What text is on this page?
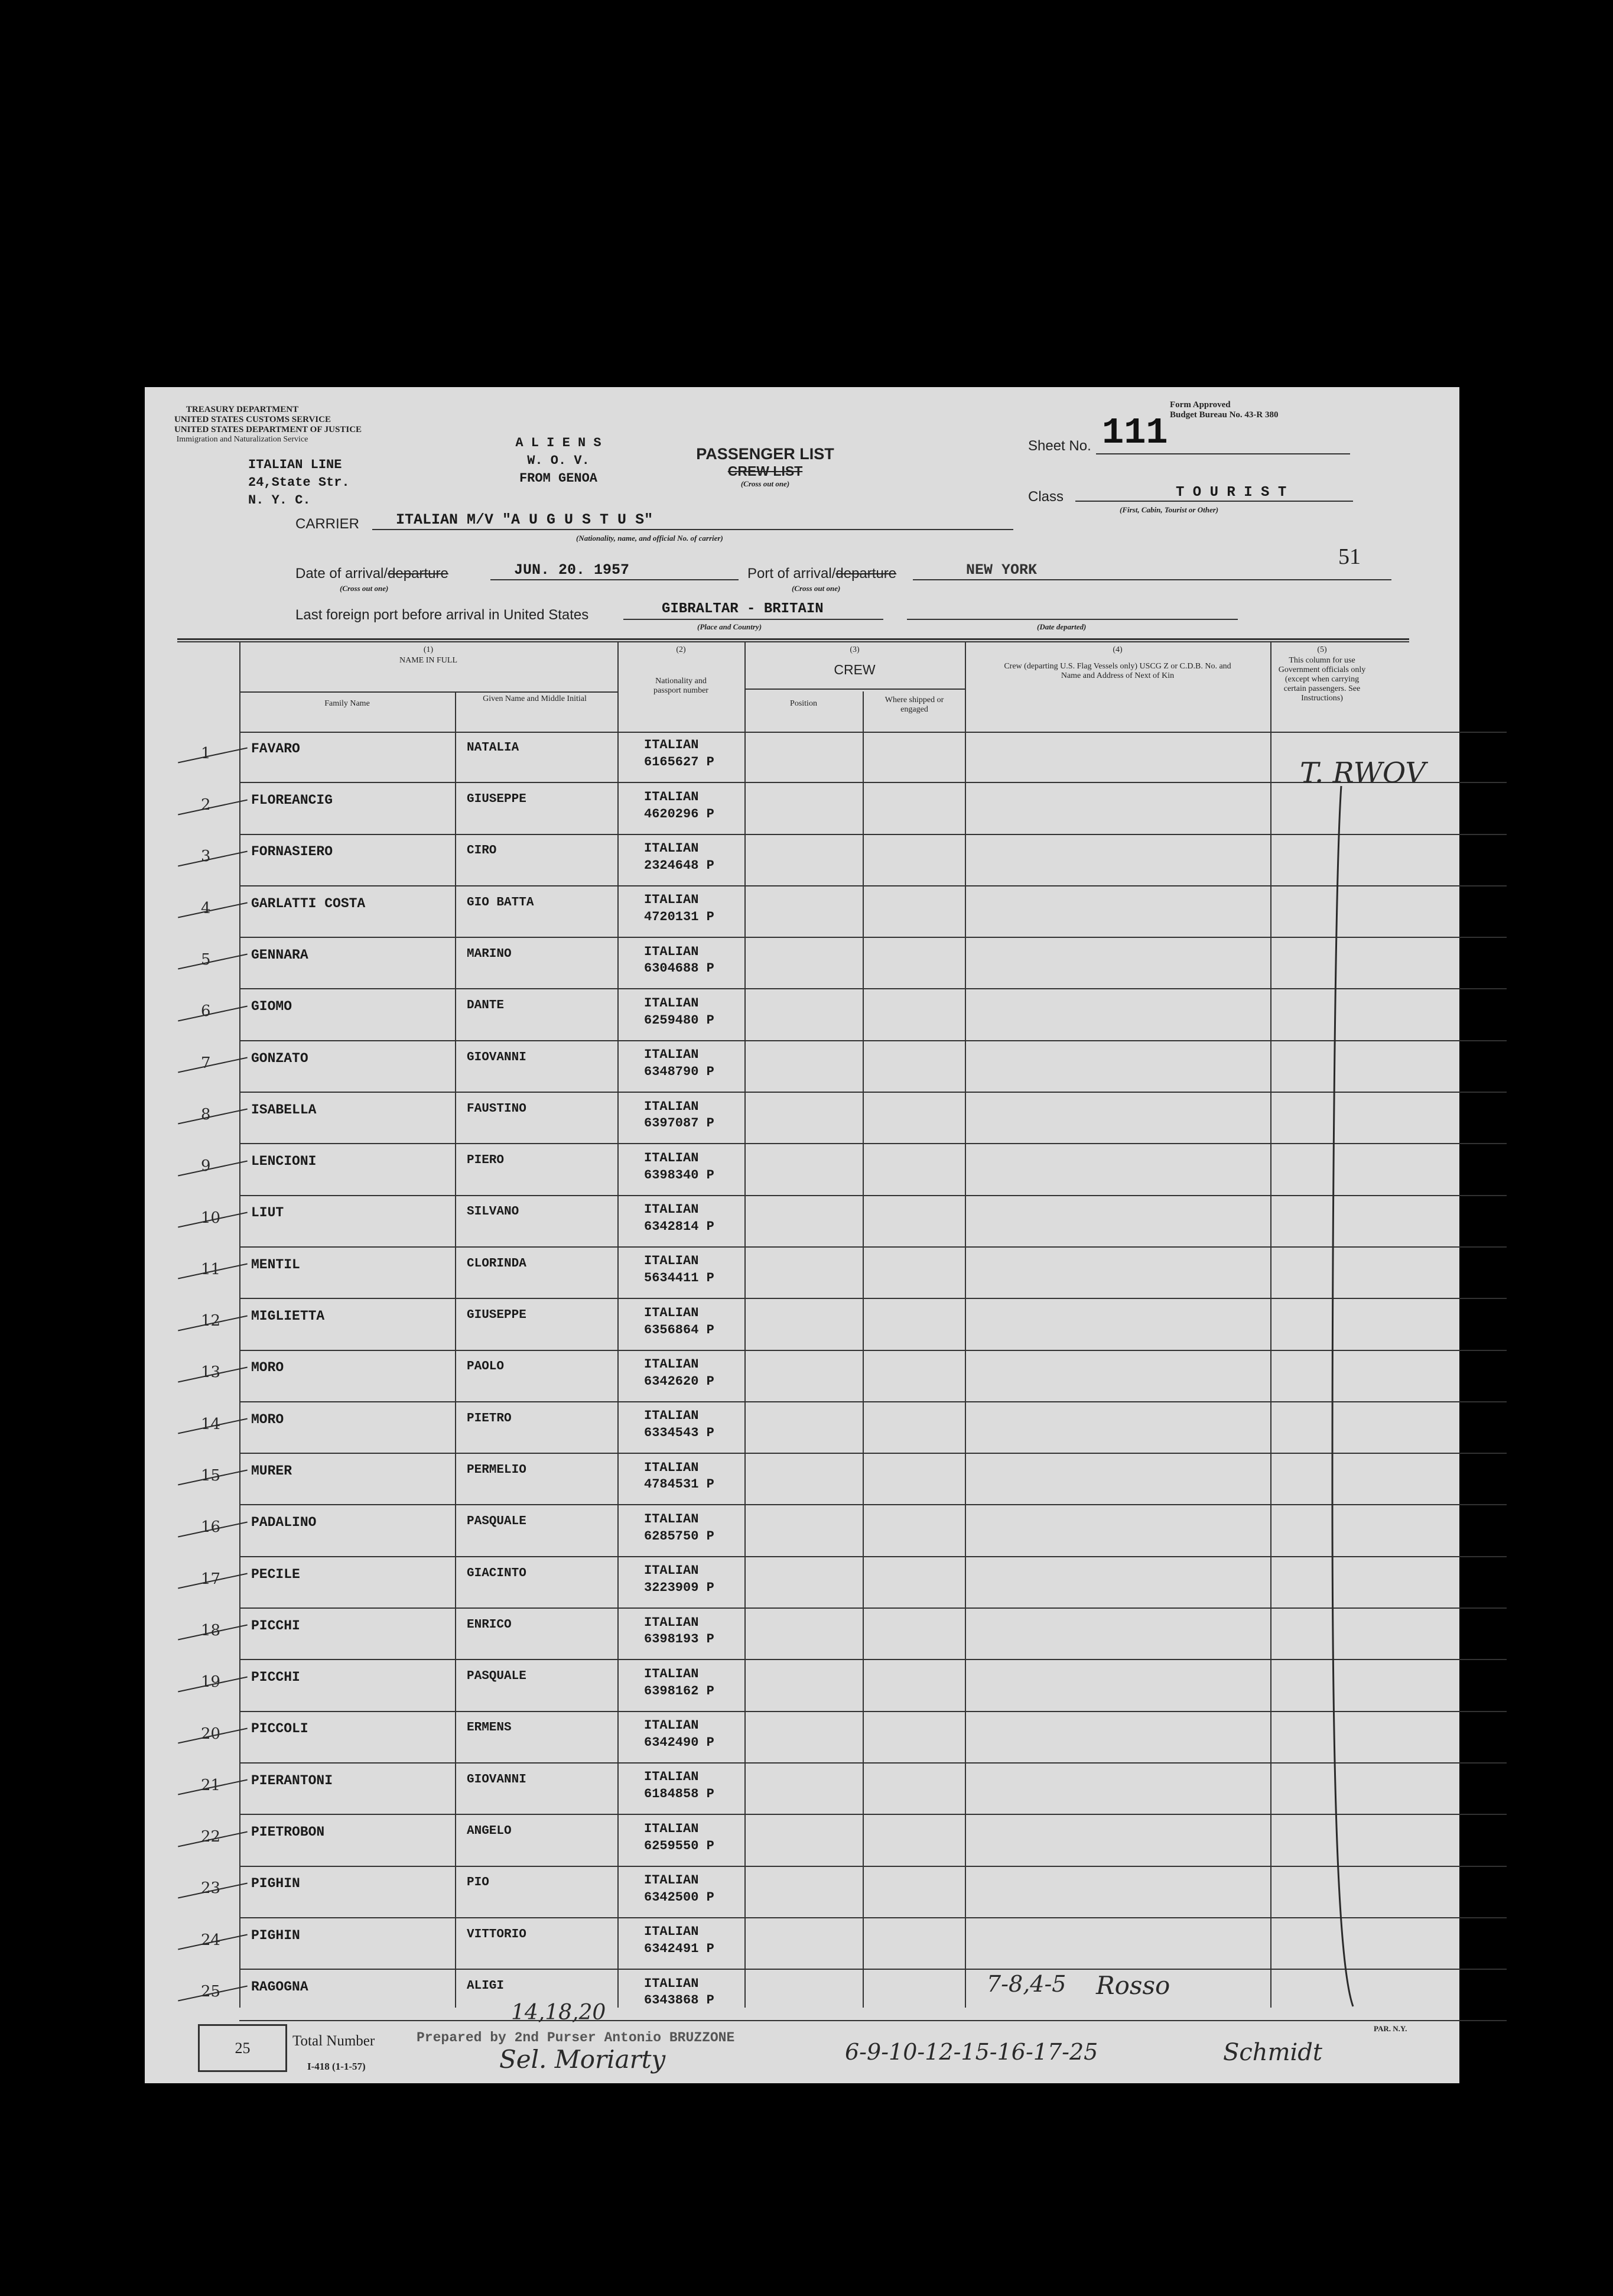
TREASURY DEPARTMENT
UNITED STATES CUSTOMS SERVICE
UNITED STATES DEPARTMENT OF JUSTICE
Immigration and Naturalization Service
ITALIAN LINE
24,State Str.
N. Y. C.
A L I E N S
W. O. V.
FROM GENOA
PASSENGER LIST
CREW LIST
(Cross out one)
Form Approved
Budget Bureau No. 43-R 380
Sheet No. 111
Class	T O U R I S T
(First, Cabin, Tourist or Other)
51
CARRIER ITALIAN M/V "A U G U S T U S"
(Nationality, name, and official No. of carrier)
Date of arrival/departure	JUN. 20. 1957
(Cross out one)
Port of arrival/departure	NEW YORK
(Cross out one)
Last foreign port before arrival in United States	GIBRALTAR - BRITAIN
(Place and Country)	(Date departed)
(1)
NAME IN FULL
Family Name
Given Name and Middle Initial
(2)
Nationality and passport number
(3)
CREW
Position	Where shipped or engaged
(4)
Crew (departing U.S. Flag Vessels only) USCG Z or C.D.B. No. and Name and Address of Next of Kin
(5)
This column for use Government officials only (except when carrying certain passengers. See Instructions)
1	FAVARO	NATALIA	ITALIAN
6165627 P
2	FLOREANCIG	GIUSEPPE	ITALIAN
4620296 P
3	FORNASIERO	CIRO	ITALIAN
2324648 P
4	GARLATTI COSTA	GIO BATTA	ITALIAN
4720131 P
5	GENNARA	MARINO	ITALIAN
6304688 P
6	GIOMO	DANTE	ITALIAN
6259480 P
7	GONZATO	GIOVANNI	ITALIAN
6348790 P
8	ISABELLA	FAUSTINO	ITALIAN
6397087 P
9	LENCIONI	PIERO	ITALIAN
6398340 P
10 LIUT	SILVANO	ITALIAN
6342814 P
11 MENTIL	CLORINDA	ITALIAN
5634411 P
12 MIGLIETTA	GIUSEPPE	ITALIAN
6356864 P
13 MORO	PAOLO	ITALIAN
6342620 P
14 MORO	PIETRO	ITALIAN
6334543 P
15 MURER	PERMELIO	ITALIAN
4784531 P
16 PADALINO	PASQUALE	ITALIAN
6285750 P
17 PECILE	GIACINTO	ITALIAN
3223909 P
18 PICCHI	ENRICO	ITALIAN
6398193 P
19 PICCHI	PASQUALE	ITALIAN
6398162 P
20 PICCOLI	ERMENS	ITALIAN
6342490 P
21 PIERANTONI	GIOVANNI	ITALIAN
6184858 P
22 PIETROBON	ANGELO	ITALIAN
6259550 P
23 PIGHIN	PIO	ITALIAN
6342500 P
24 PIGHIN	VITTORIO	ITALIAN
6342491 P
25 RAGOGNA	ALIGI	ITALIAN
6343868 P
T. RWOV
7-8,4-5 Rosso
14,18,20
Sel. Moriarty	6-9-10-12-15-16-17-25	Schmidt
25	Total Number	Prepared by 2nd Purser Antonio BRUZZONE
I-418 (1-1-57)
PAR. N.Y.
